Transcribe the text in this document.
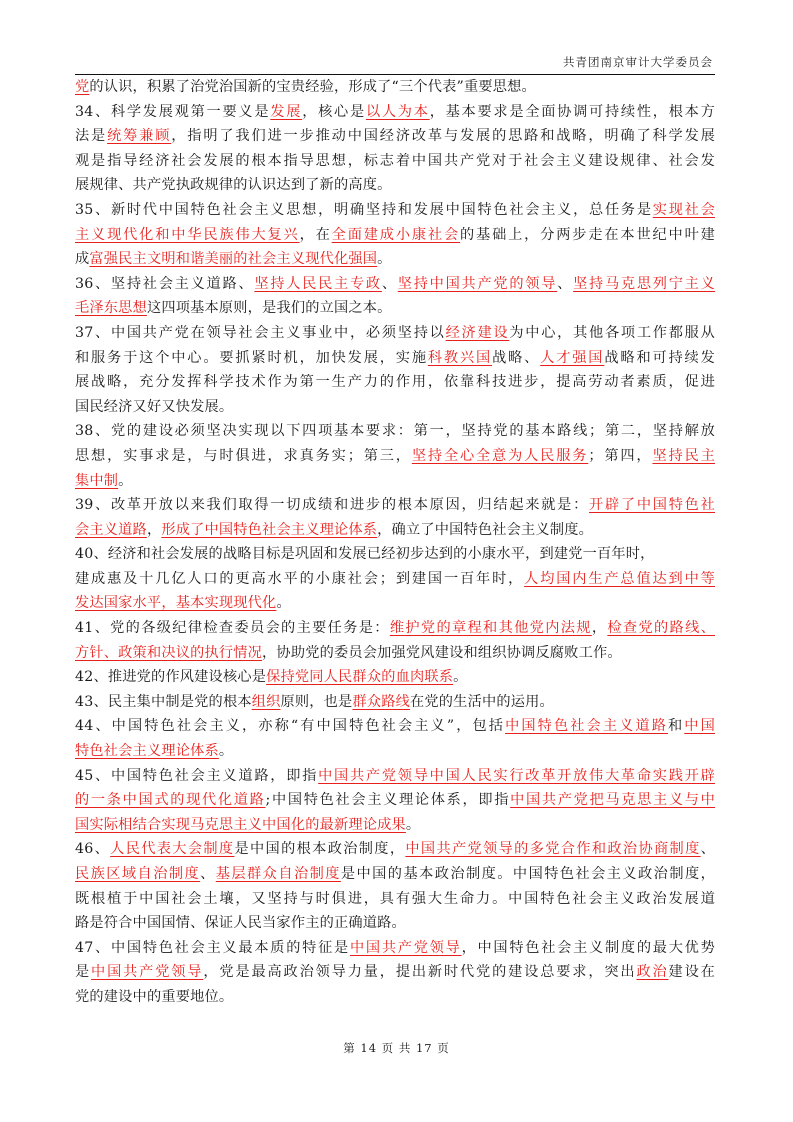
共青团南京审计大学委员会
党的认识，积累了治党治国新的宝贵经验，形成了“三个代表”重要思想。
34、科学发展观第一要义是发展，核心是以人为本，基本要求是全面协调可持续性，根本方
法是统筹兼顾，指明了我们进一步推动中国经济改革与发展的思路和战略，明确了科学发展
观是指导经济社会发展的根本指导思想，标志着中国共产党对于社会主义建设规律、社会发
展规律、共产党执政规律的认识达到了新的高度。
35、新时代中国特色社会主义思想，明确坚持和发展中国特色社会主义，总任务是实现社会
主义现代化和中华民族伟大复兴，在全面建成小康社会的基础上，分两步走在本世纪中叶建
成富强民主文明和谐美丽的社会主义现代化强国。
36、坚持社会主义道路、坚持人民民主专政、坚持中国共产党的领导、坚持马克思列宁主义
毛泽东思想这四项基本原则，是我们的立国之本。
37、中国共产党在领导社会主义事业中，必须坚持以经济建设为中心，其他各项工作都服从
和服务于这个中心。要抓紧时机，加快发展，实施科教兴国战略、人才强国战略和可持续发
展战略，充分发挥科学技术作为第一生产力的作用，依靠科技进步，提高劳动者素质，促进
国民经济又好又快发展。
38、党的建设必须坚决实现以下四项基本要求：第一，坚持党的基本路线；第二，坚持解放
思想，实事求是，与时俱进，求真务实；第三，坚持全心全意为人民服务；第四，坚持民主
集中制。
39、改革开放以来我们取得一切成绩和进步的根本原因，归结起来就是：开辟了中国特色社
会主义道路，形成了中国特色社会主义理论体系，确立了中国特色社会主义制度。
40、经济和社会发展的战略目标是巩固和发展已经初步达到的小康水平，到建党一百年时，
建成惠及十几亿人口的更高水平的小康社会；到建国一百年时，人均国内生产总值达到中等
发达国家水平，基本实现现代化。
41、党的各级纪律检查委员会的主要任务是：维护党的章程和其他党内法规，检查党的路线、
方针、政策和决议的执行情况，协助党的委员会加强党风建设和组织协调反腐败工作。
42、推进党的作风建设核心是保持党同人民群众的血肉联系。
43、民主集中制是党的根本组织原则，也是群众路线在党的生活中的运用。
44、中国特色社会主义，亦称“有中国特色社会主义”，包括中国特色社会主义道路和中国
特色社会主义理论体系。
45、中国特色社会主义道路，即指中国共产党领导中国人民实行改革开放伟大革命实践开辟
的一条中国式的现代化道路;中国特色社会主义理论体系，即指中国共产党把马克思主义与中
国实际相结合实现马克思主义中国化的最新理论成果。
46、人民代表大会制度是中国的根本政治制度，中国共产党领导的多党合作和政治协商制度、
民族区域自治制度、基层群众自治制度是中国的基本政治制度。中国特色社会主义政治制度，
既根植于中国社会土壤，又坚持与时俱进，具有强大生命力。中国特色社会主义政治发展道
路是符合中国国情、保证人民当家作主的正确道路。
47、中国特色社会主义最本质的特征是中国共产党领导，中国特色社会主义制度的最大优势
是中国共产党领导，党是最高政治领导力量，提出新时代党的建设总要求，突出政治建设在
党的建设中的重要地位。
第 14 页 共 17 页
